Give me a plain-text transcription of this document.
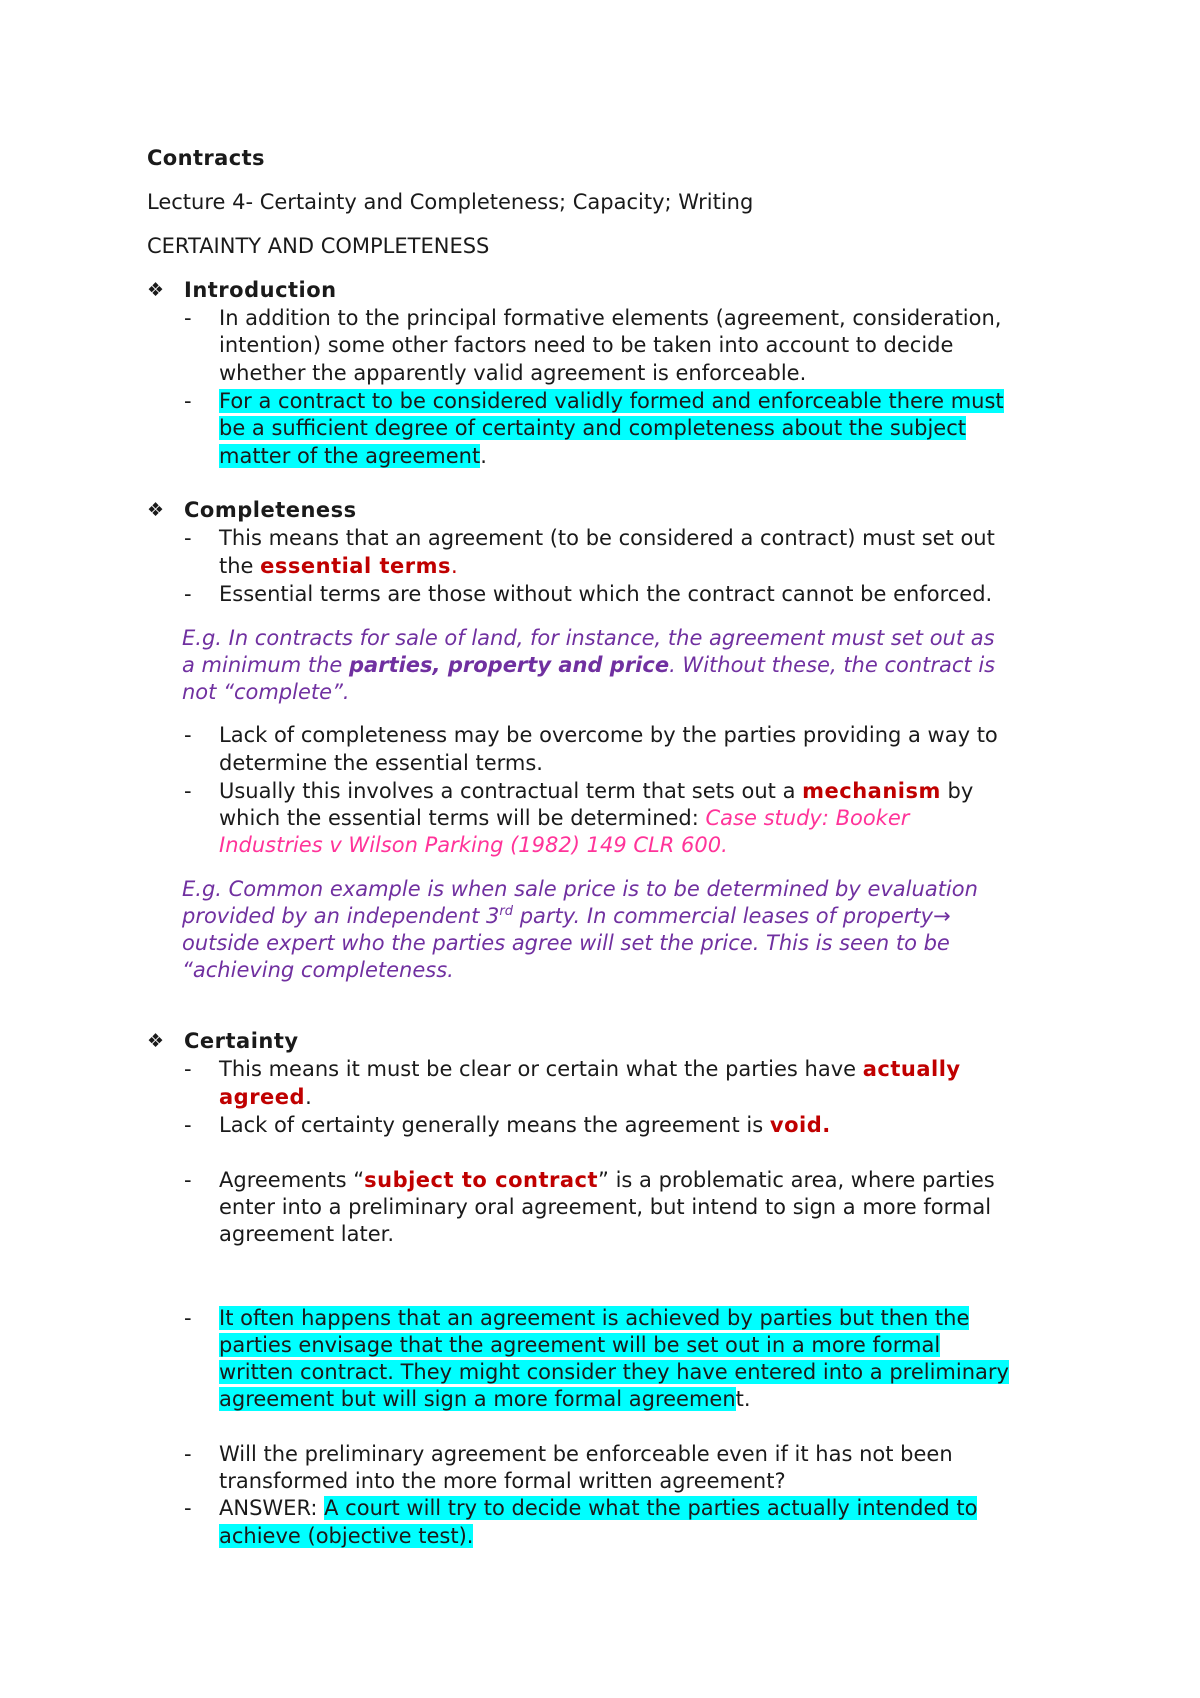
Contracts

Lecture 4- Certainty and Completeness; Capacity; Writing

CERTAINTY AND COMPLETENESS

❖ Introduction
- In addition to the principal formative elements (agreement, consideration,
intention) some other factors need to be taken into account to decide
whether the apparently valid agreement is enforceable.
- For a contract to be considered validly formed and enforceable there must
be a sufficient degree of certainty and completeness about the subject
matter of the agreement.
❖ Completeness
- This means that an agreement (to be considered a contract) must set out
the essential terms.
- Essential terms are those without which the contract cannot be enforced.
E.g. In contracts for sale of land, for instance, the agreement must set out as
a minimum the parties, property and price. Without these, the contract is
not “complete”.
- Lack of completeness may be overcome by the parties providing a way to
determine the essential terms.
- Usually this involves a contractual term that sets out a mechanism by
which the essential terms will be determined: Case study: Booker
Industries v Wilson Parking (1982) 149 CLR 600.
E.g. Common example is when sale price is to be determined by evaluation
provided by an independent 3rd party. In commercial leases of property→
outside expert who the parties agree will set the price. This is seen to be
“achieving completeness.
❖ Certainty
- This means it must be clear or certain what the parties have actually
agreed.
- Lack of certainty generally means the agreement is void.
- Agreements “subject to contract” is a problematic area, where parties
enter into a preliminary oral agreement, but intend to sign a more formal
agreement later.
- It often happens that an agreement is achieved by parties but then the
parties envisage that the agreement will be set out in a more formal
written contract. They might consider they have entered into a preliminary
agreement but will sign a more formal agreement.
- Will the preliminary agreement be enforceable even if it has not been
transformed into the more formal written agreement?
- ANSWER: A court will try to decide what the parties actually intended to
achieve (objective test).
